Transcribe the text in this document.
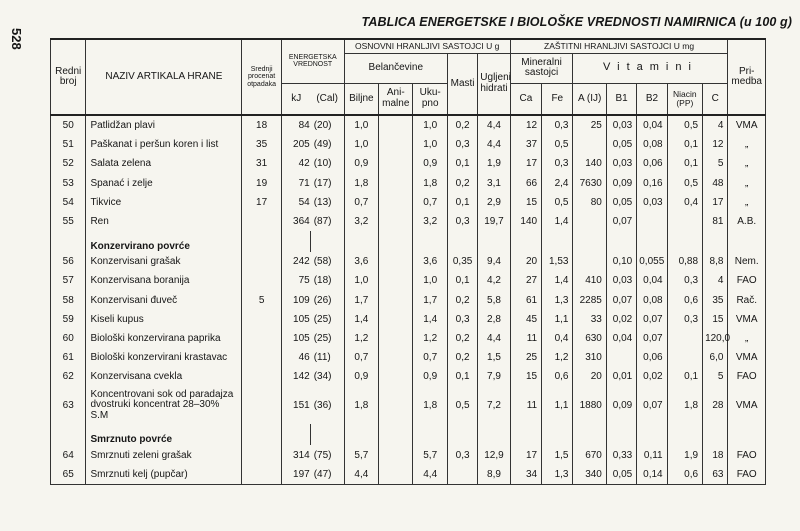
528
TABLICA ENERGETSKE I BIOLOŠKE VREDNOSTI NAMIRNICA (u 100 g)
Redni broj	NAZIV ARTIKALA HRANE	Srednji procenat otpadaka	ENERGETSKA VREDNOST		OSNOVNI HRANLJIVI SASTOJCI U g					ZAŠTITNI HRANLJIVI SASTOJCI U mg							Pri-medba
					Belančevine			Masti	Ugljeni hidrati	Mineralni sastojci		Vitamini					
			kJ	(Cal)	Biljne	Ani-malne	Uku-pno			Ca	Fe	A (IJ)	B1	B2	Niacin (PP)	C	
50	Patlidžan plavi	18	84	(20)	1,0		1,0	0,2	4,4	12	0,3	25	0,03	0,04	0,5	4	VMA
51	Paškanat i peršun koren i list	35	205	(49)	1,0		1,0	0,3	4,4	37	0,5		0,05	0,08	0,1	12	„
52	Salata zelena	31	42	(10)	0,9		0,9	0,1	1,9	17	0,3	140	0,03	0,06	0,1	5	„
53	Spanać i zelje	19	71	(17)	1,8		1,8	0,2	3,1	66	2,4	7630	0,09	0,16	0,5	48	„
54	Tikvice	17	54	(13)	0,7		0,7	0,1	2,9	15	0,5	80	0,05	0,03	0,4	17	„
55	Ren		364	(87)	3,2		3,2	0,3	19,7	140	1,4		0,07			81	A.B.
	Konzervirano povrće																
56	Konzervisani grašak		242	(58)	3,6		3,6	0,35	9,4	20	1,53		0,10	0,055	0,88	8,8	Nem.
57	Konzervisana boranija		75	(18)	1,0		1,0	0,1	4,2	27	1,4	410	0,03	0,04	0,3	4	FAO
58	Konzervisani đuveč	5	109	(26)	1,7		1,7	0,2	5,8	61	1,3	2285	0,07	0,08	0,6	35	Rač.
59	Kiseli kupus		105	(25)	1,4		1,4	0,3	2,8	45	1,1	33	0,02	0,07	0,3	15	VMA
60	Biološki konzervirana paprika		105	(25)	1,2		1,2	0,2	4,4	11	0,4	630	0,04	0,07		120,0	„
61	Biološki konzervirani krastavac		46	(11)	0,7		0,7	0,2	1,5	25	1,2	310		0,06		6,0	VMA
62	Konzervisana cvekla		142	(34)	0,9		0,9	0,1	7,9	15	0,6	20	0,01	0,02	0,1	5	FAO
63	Koncentrovani sok od paradajza dvostruki koncentrat 28–30% S.M		151	(36)	1,8		1,8	0,5	7,2	11	1,1	1880	0,09	0,07	1,8	28	VMA
	Smrznuto povrće																
64	Smrznuti zeleni grašak		314	(75)	5,7		5,7	0,3	12,9	17	1,5	670	0,33	0,11	1,9	18	FAO
65	Smrznuti kelj (pupčar)		197	(47)	4,4		4,4		8,9	34	1,3	340	0,05	0,14	0,6	63	FAO
